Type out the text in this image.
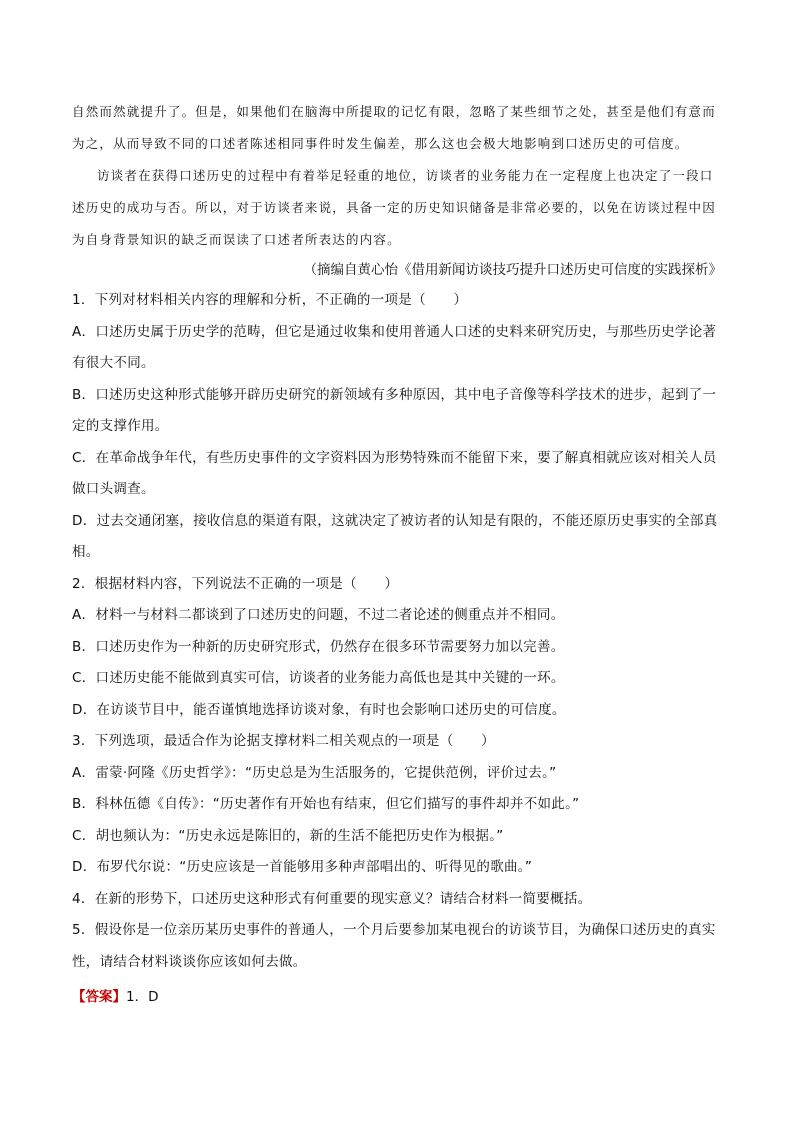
自然而然就提升了。但是，如果他们在脑海中所提取的记忆有限，忽略了某些细节之处，甚至是他们有意而为之，从而导致不同的口述者陈述相同事件时发生偏差，那么这也会极大地影响到口述历史的可信度。

访谈者在获得口述历史的过程中有着举足轻重的地位，访谈者的业务能力在一定程度上也决定了一段口述历史的成功与否。所以，对于访谈者来说，具备一定的历史知识储备是非常必要的，以免在访谈过程中因为自身背景知识的缺乏而误读了口述者所表达的内容。

（摘编自黄心怡《借用新闻访谈技巧提升口述历史可信度的实践探析》

1．下列对材料相关内容的理解和分析，不正确的一项是（　　）

A．口述历史属于历史学的范畴，但它是通过收集和使用普通人口述的史料来研究历史，与那些历史学论著有很大不同。

B．口述历史这种形式能够开辟历史研究的新领域有多种原因，其中电子音像等科学技术的进步，起到了一定的支撑作用。

C．在革命战争年代，有些历史事件的文字资料因为形势特殊而不能留下来，要了解真相就应该对相关人员做口头调查。

D．过去交通闭塞，接收信息的渠道有限，这就决定了被访者的认知是有限的，不能还原历史事实的全部真相。

2．根据材料内容，下列说法不正确的一项是（　　）

A．材料一与材料二都谈到了口述历史的问题，不过二者论述的侧重点并不相同。

B．口述历史作为一种新的历史研究形式，仍然存在很多环节需要努力加以完善。

C．口述历史能不能做到真实可信，访谈者的业务能力高低也是其中关键的一环。

D．在访谈节目中，能否谨慎地选择访谈对象，有时也会影响口述历史的可信度。

3．下列选项，最适合作为论据支撑材料二相关观点的一项是（　　）

A．雷蒙·阿隆《历史哲学》：“历史总是为生活服务的，它提供范例，评价过去。”

B．科林伍德《自传》：“历史著作有开始也有结束，但它们描写的事件却并不如此。”

C．胡也频认为：“历史永远是陈旧的，新的生活不能把历史作为根据。”

D．布罗代尔说：“历史应该是一首能够用多种声部唱出的、听得见的歌曲。”

4．在新的形势下，口述历史这种形式有何重要的现实意义？请结合材料一简要概括。

5．假设你是一位亲历某历史事件的普通人，一个月后要参加某电视台的访谈节目，为确保口述历史的真实性，请结合材料谈谈你应该如何去做。

【答案】1．D
